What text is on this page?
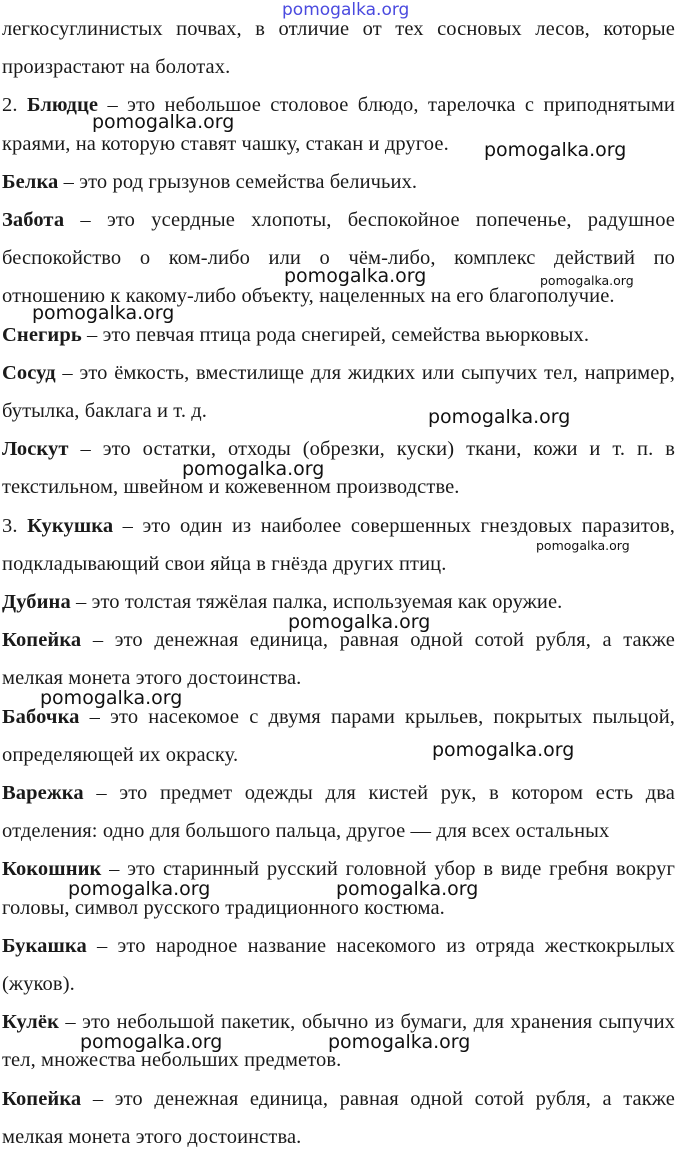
легкосуглинистых почвах, в отличие от тех сосновых лесов, которые произрастают на болотах.

2. Блюдце – это небольшое столовое блюдо, тарелочка с приподнятыми краями, на которую ставят чашку, стакан и другое.

Белка – это род грызунов семейства беличьих.

Забота – это усердные хлопоты, беспокойное попеченье, радушное беспокойство о ком-либо или о чём-либо, комплекс действий по отношению к какому-либо объекту, нацеленных на его благополучие.

Снегирь – это певчая птица рода снегирей, семейства вьюрковых.

Сосуд – это ёмкость, вместилище для жидких или сыпучих тел, например, бутылка, баклага и т. д.

Лоскут – это остатки, отходы (обрезки, куски) ткани, кожи и т. п. в текстильном, швейном и кожевенном производстве.

3. Кукушка – это один из наиболее совершенных гнездовых паразитов, подкладывающий свои яйца в гнёзда других птиц.

Дубина – это толстая тяжёлая палка, используемая как оружие.

Копейка – это денежная единица, равная одной сотой рубля, а также мелкая монета этого достоинства.

Бабочка – это насекомое с двумя парами крыльев, покрытых пыльцой, определяющей их окраску.

Варежка – это предмет одежды для кистей рук, в котором есть два отделения: одно для большого пальца, другое — для всех остальных

Кокошник – это старинный русский головной убор в виде гребня вокруг головы, символ русского традиционного костюма.

Букашка – это народное название насекомого из отряда жесткокрылых (жуков).

Кулёк – это небольшой пакетик, обычно из бумаги, для хранения сыпучих тел, множества небольших предметов.

Копейка – это денежная единица, равная одной сотой рубля, а также мелкая монета этого достоинства.

pomogalka.org
pomogalka.org
pomogalka.org
pomogalka.org	pomogalka.org
pomogalka.org
pomogalka.org
pomogalka.org
pomogalka.org
pomogalka.org
pomogalka.org
pomogalka.org
pomogalka.org	pomogalka.org
pomogalka.org	pomogalka.org
